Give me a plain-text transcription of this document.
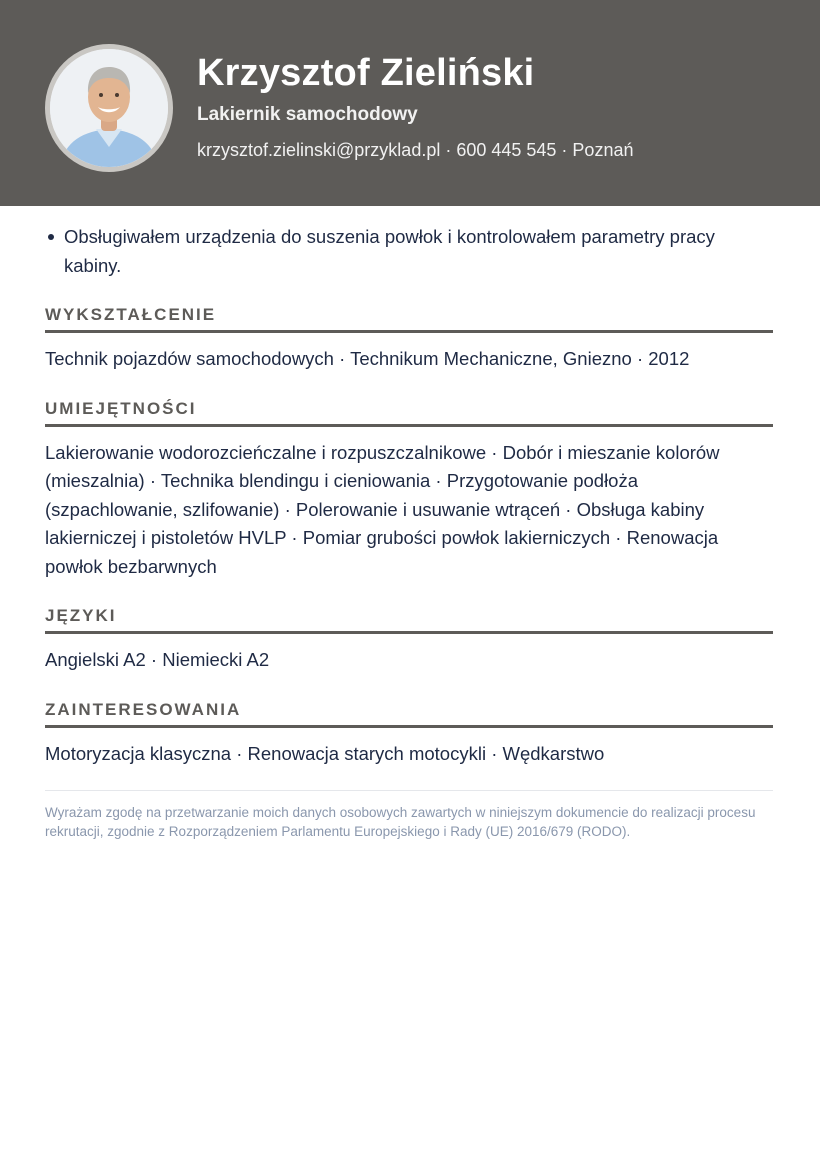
Krzysztof Zieliński
Lakiernik samochodowy
krzysztof.zielinski@przyklad.pl · 600 445 545 · Poznań
Obsługiwałem urządzenia do suszenia powłok i kontrolowałem parametry pracy kabiny.
WYKSZTAŁCENIE
Technik pojazdów samochodowych · Technikum Mechaniczne, Gniezno · 2012
UMIEJĘTNOŚCI
Lakierowanie wodorozcieńczalne i rozpuszczalnikowe · Dobór i mieszanie kolorów (mieszalnia) · Technika blendingu i cieniowania · Przygotowanie podłoża (szpachlowanie, szlifowanie) · Polerowanie i usuwanie wtrąceń · Obsługa kabiny lakierniczej i pistoletów HVLP · Pomiar grubości powłok lakierniczych · Renowacja powłok bezbarwnych
JĘZYKI
Angielski A2 · Niemiecki A2
ZAINTERESOWANIA
Motoryzacja klasyczna · Renowacja starych motocykli · Wędkarstwo
Wyrażam zgodę na przetwarzanie moich danych osobowych zawartych w niniejszym dokumencie do realizacji procesu rekrutacji, zgodnie z Rozporządzeniem Parlamentu Europejskiego i Rady (UE) 2016/679 (RODO).
